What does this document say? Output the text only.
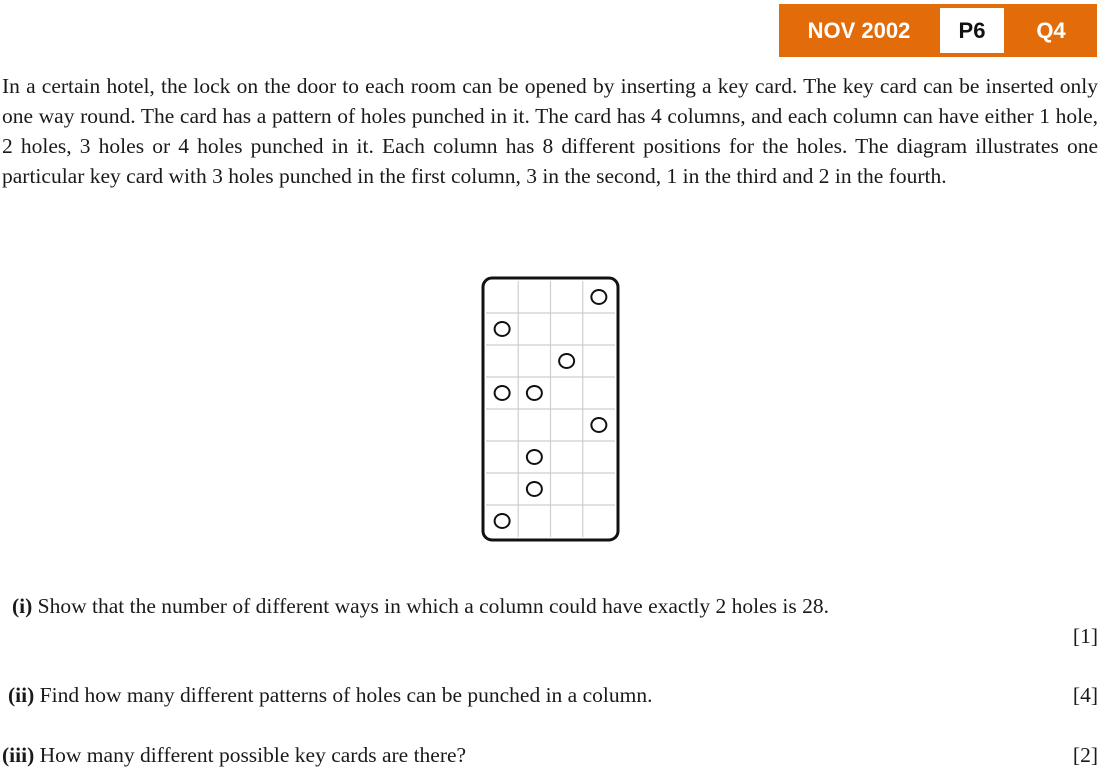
NOV 2002	P6	Q4

In a certain hotel, the lock on the door to each room can be opened by inserting a key card. The key card can be inserted only one way round. The card has a pattern of holes punched in it. The card has 4 columns, and each column can have either 1 hole, 2 holes, 3 holes or 4 holes punched in it. Each column has 8 different positions for the holes. The diagram illustrates one particular key card with 3 holes punched in the first column, 3 in the second, 1 in the third and 2 in the fourth.

(i) Show that the number of different ways in which a column could have exactly 2 holes is 28.
[1]
(ii) Find how many different patterns of holes can be punched in a column.	[4]
(iii) How many different possible key cards are there?	[2]
